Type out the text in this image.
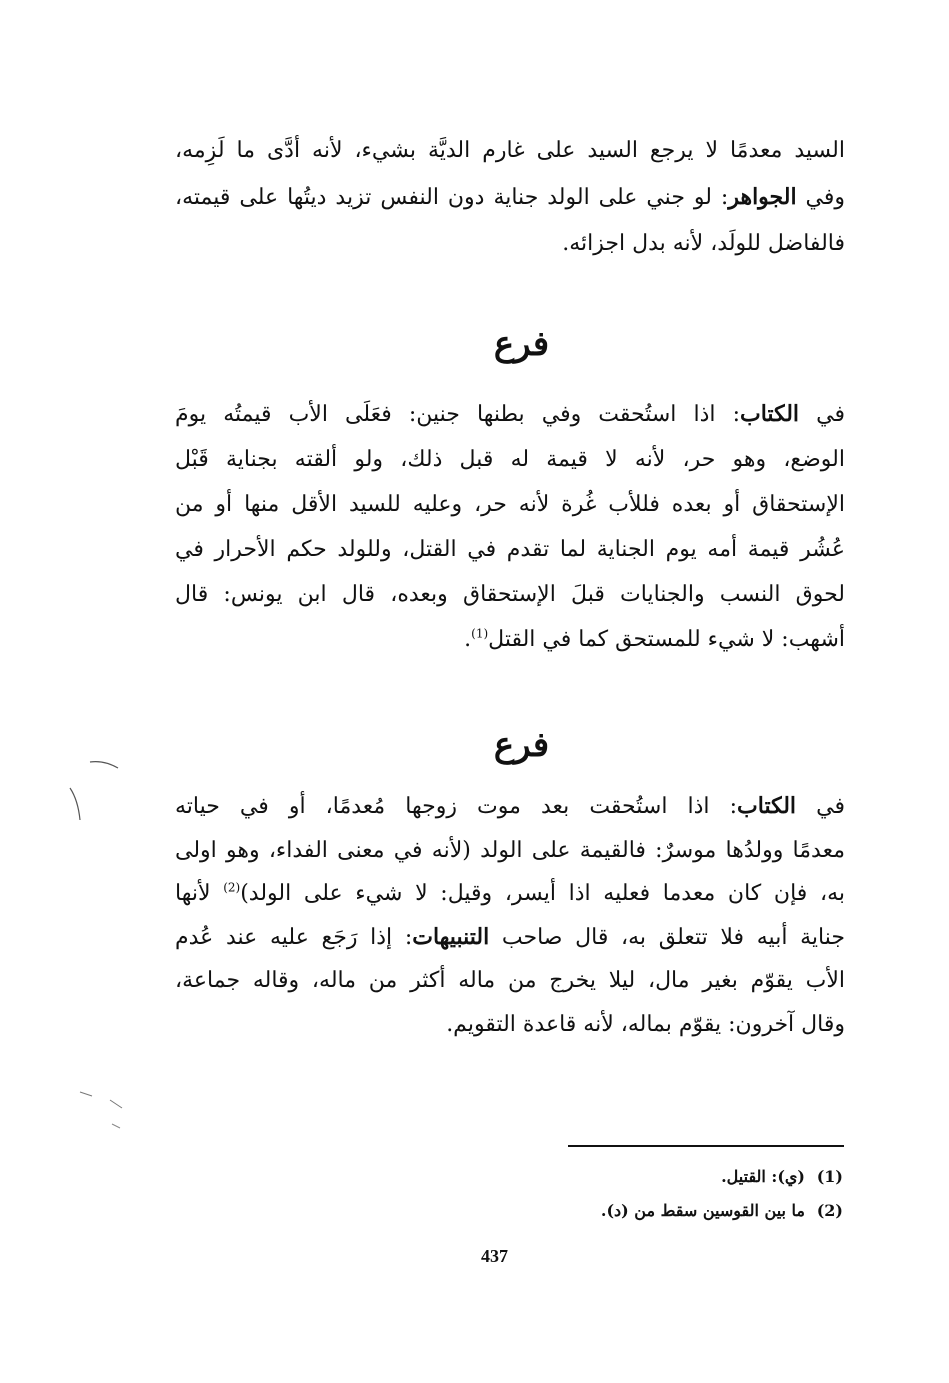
السيد معدمًا لا يرجع السيد على غارم الديَّة بشيء، لأنه أدَّى ما لَزِمه،
وفي الجواهر: لو جني على الولد جناية دون النفس تزيد ديتُها على قيمته،
فالفاضل للولَد، لأنه بدل اجزائه.
فرع
في الكتاب: اذا استُحقت وفي بطنها جنين: فعَلَى الأب قيمتُه يومَ
الوضع، وهو حر، لأنه لا قيمة له قبل ذلك، ولو ألقته بجناية قَبْل
الإستحقاق أو بعده فللأب غُرة لأنه حر، وعليه للسيد الأقل منها أو من
عُشُر قيمة أمه يوم الجناية لما تقدم في القتل، وللولد حكم الأحرار في
لحوق النسب والجنايات قبلَ الإستحقاق وبعده، قال ابن يونس: قال
أشهب: لا شيء للمستحق كما في القتل$^{(1)}$.
فرع
في الكتاب: اذا استُحقت بعد موت زوجها مُعدمًا، أو في حياته
معدمًا وولدُها موسرٌ: فالقيمة على الولد (لأنه في معنى الفداء، وهو اولى
به، فإن كان معدما فعليه اذا أيسر، وقيل: لا شيء على الولد)$^{(2)}$ لأنها
جناية أبيه فلا تتعلق به، قال صاحب التنبيهات: إذا رَجَع عليه عند عُدم
الأب يقوّم بغير مال، ليلا يخرج من ماله أكثر من ماله، وقاله جماعة،
وقال آخرون: يقوّم بماله، لأنه قاعدة التقويم.
(1)(ي): القتيل.
(2)ما بين القوسين سقط من (د).
437
